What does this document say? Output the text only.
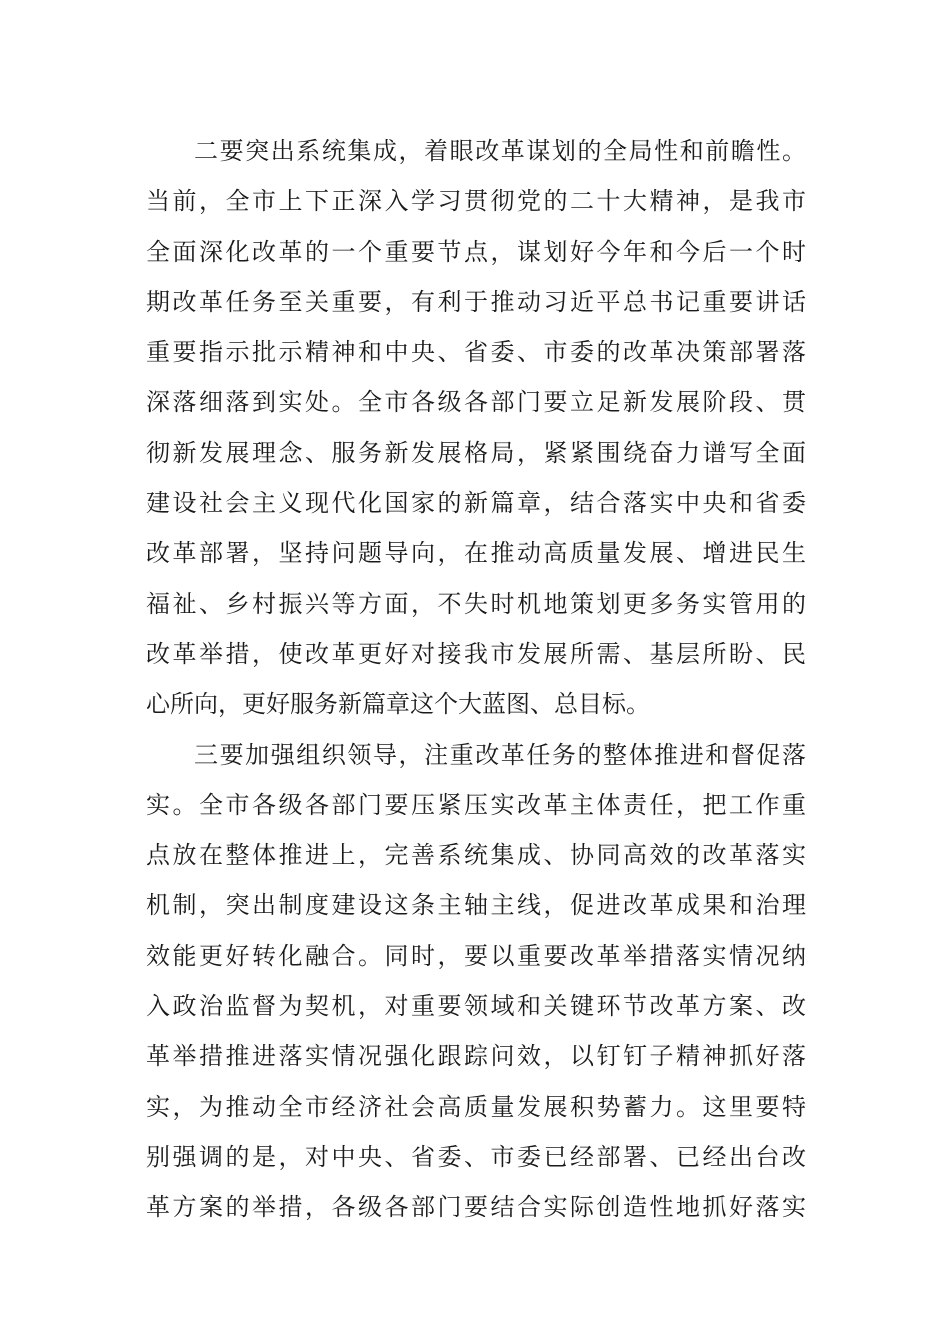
二要突出系统集成，着眼改革谋划的全局性和前瞻性。
当前，全市上下正深入学习贯彻党的二十大精神，是我市
全面深化改革的一个重要节点，谋划好今年和今后一个时
期改革任务至关重要，有利于推动习近平总书记重要讲话
重要指示批示精神和中央、省委、市委的改革决策部署落
深落细落到实处。全市各级各部门要立足新发展阶段、贯
彻新发展理念、服务新发展格局，紧紧围绕奋力谱写全面
建设社会主义现代化国家的新篇章，结合落实中央和省委
改革部署，坚持问题导向，在推动高质量发展、增进民生
福祉、乡村振兴等方面，不失时机地策划更多务实管用的
改革举措，使改革更好对接我市发展所需、基层所盼、民
心所向，更好服务新篇章这个大蓝图、总目标。
三要加强组织领导，注重改革任务的整体推进和督促落
实。全市各级各部门要压紧压实改革主体责任，把工作重
点放在整体推进上，完善系统集成、协同高效的改革落实
机制，突出制度建设这条主轴主线，促进改革成果和治理
效能更好转化融合。同时，要以重要改革举措落实情况纳
入政治监督为契机，对重要领域和关键环节改革方案、改
革举措推进落实情况强化跟踪问效，以钉钉子精神抓好落
实，为推动全市经济社会高质量发展积势蓄力。这里要特
别强调的是，对中央、省委、市委已经部署、已经出台改
革方案的举措，各级各部门要结合实际创造性地抓好落实
